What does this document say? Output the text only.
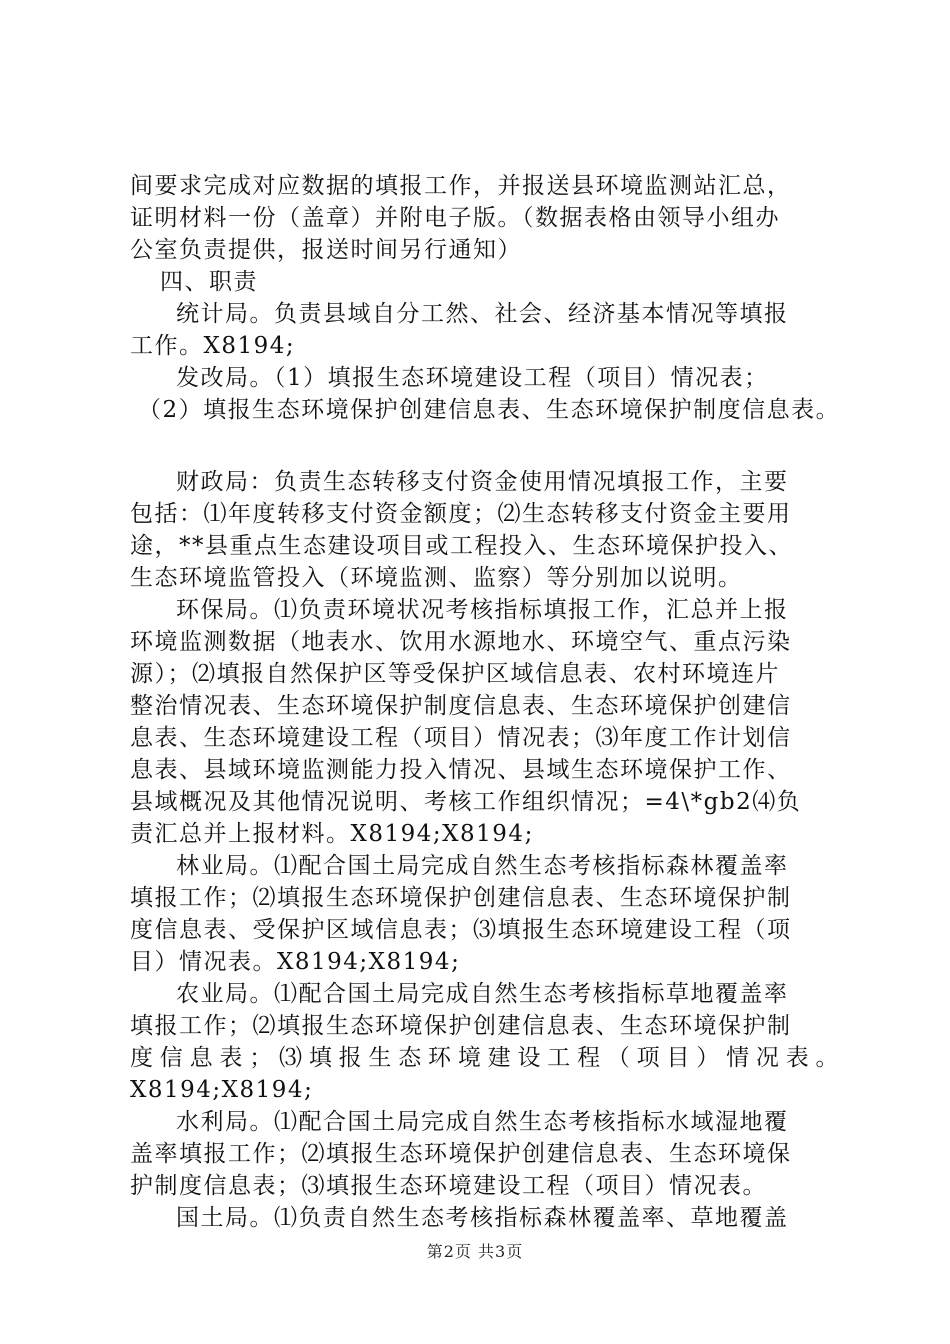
间要求完成对应数据的填报工作，并报送县环境监测站汇总，
证明材料一份（盖章）并附电子版。（数据表格由领导小组办
公室负责提供，报送时间另行通知）
四、职责
统计局。负责县域自分工然、社会、经济基本情况等填报
工作。X8194;
发改局。（1）填报生态环境建设工程（项目）情况表；
（2）填报生态环境保护创建信息表、生态环境保护制度信息表。
财政局：负责生态转移支付资金使用情况填报工作，主要
包括：⑴年度转移支付资金额度；⑵生态转移支付资金主要用
途，**县重点生态建设项目或工程投入、生态环境保护投入、
生态环境监管投入（环境监测、监察）等分别加以说明。
环保局。⑴负责环境状况考核指标填报工作，汇总并上报
环境监测数据（地表水、饮用水源地水、环境空气、重点污染
源）；⑵填报自然保护区等受保护区域信息表、农村环境连片
整治情况表、生态环境保护制度信息表、生态环境保护创建信
息表、生态环境建设工程（项目）情况表；⑶年度工作计划信
息表、县域环境监测能力投入情况、县域生态环境保护工作、
县域概况及其他情况说明、考核工作组织情况；=4\*gb2⑷负
责汇总并上报材料。X8194;X8194;
林业局。⑴配合国土局完成自然生态考核指标森林覆盖率
填报工作；⑵填报生态环境保护创建信息表、生态环境保护制
度信息表、受保护区域信息表；⑶填报生态环境建设工程（项
目）情况表。X8194;X8194;
农业局。⑴配合国土局完成自然生态考核指标草地覆盖率
填报工作；⑵填报生态环境保护创建信息表、生态环境保护制
度信息表；⑶填报生态环境建设工程（项目）情况表。
X8194;X8194;
水利局。⑴配合国土局完成自然生态考核指标水域湿地覆
盖率填报工作；⑵填报生态环境保护创建信息表、生态环境保
护制度信息表；⑶填报生态环境建设工程（项目）情况表。
国土局。⑴负责自然生态考核指标森林覆盖率、草地覆盖
第2页 共3页
